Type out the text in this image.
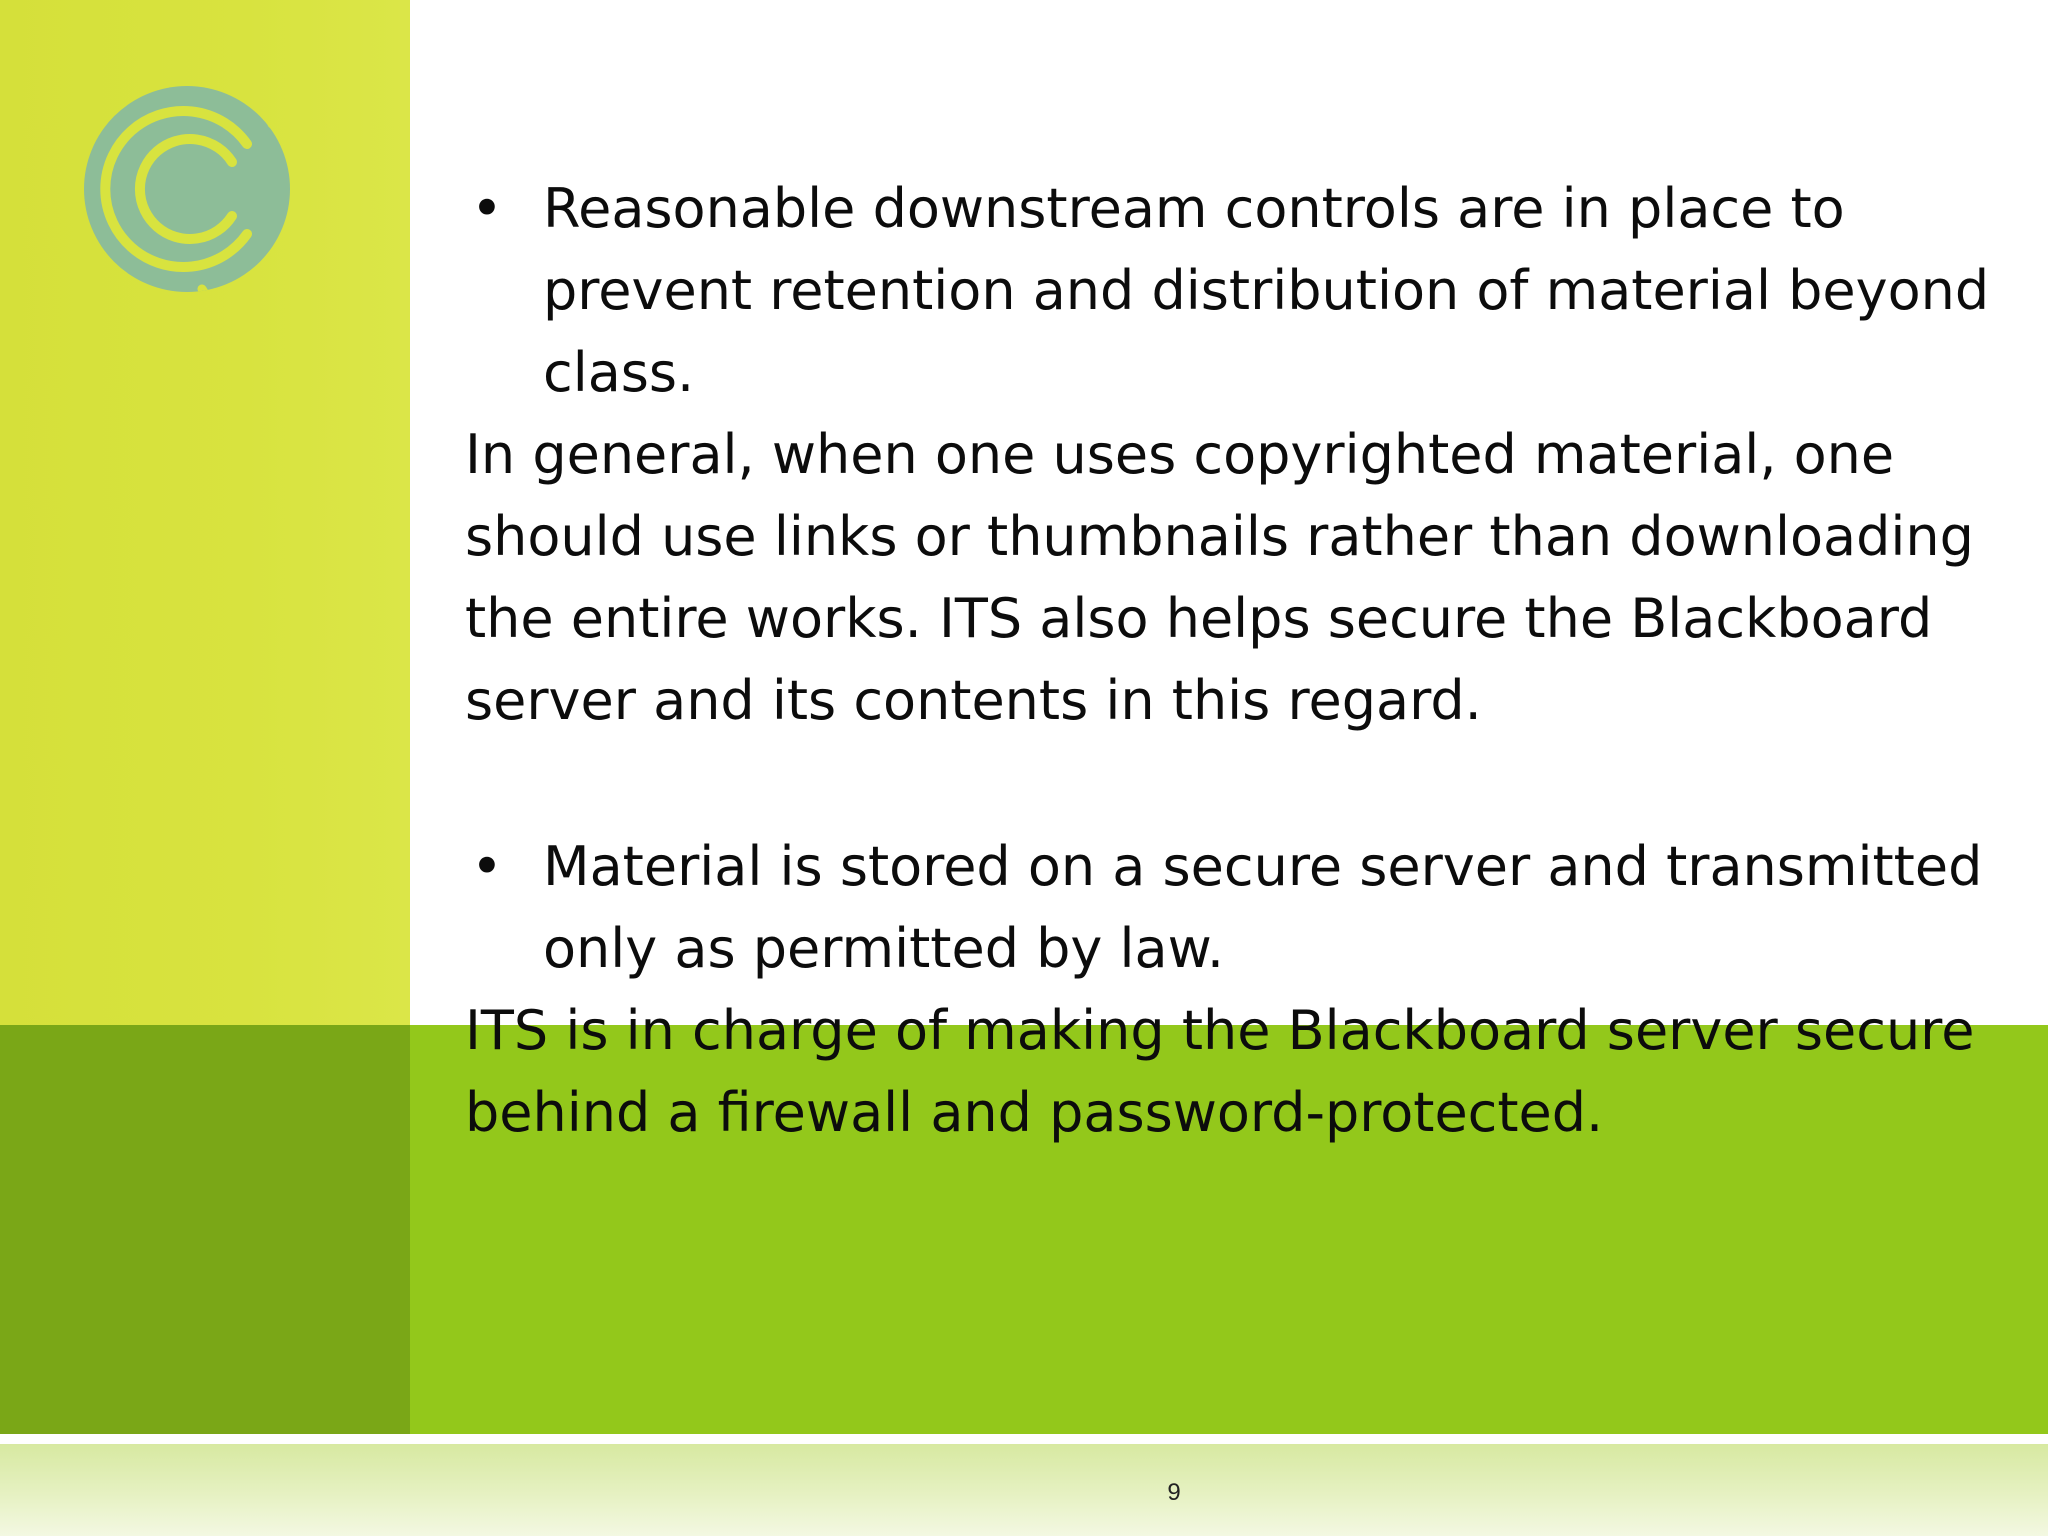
• Reasonable downstream controls are in place to prevent retention and distribution of material beyond class.

In general, when one uses copyrighted material, one should use links or thumbnails rather than downloading the entire works. ITS also helps secure the Blackboard server and its contents in this regard.

• Material is stored on a secure server and transmitted only as permitted by law.

ITS is in charge of making the Blackboard server secure behind a firewall and password-protected.

9
